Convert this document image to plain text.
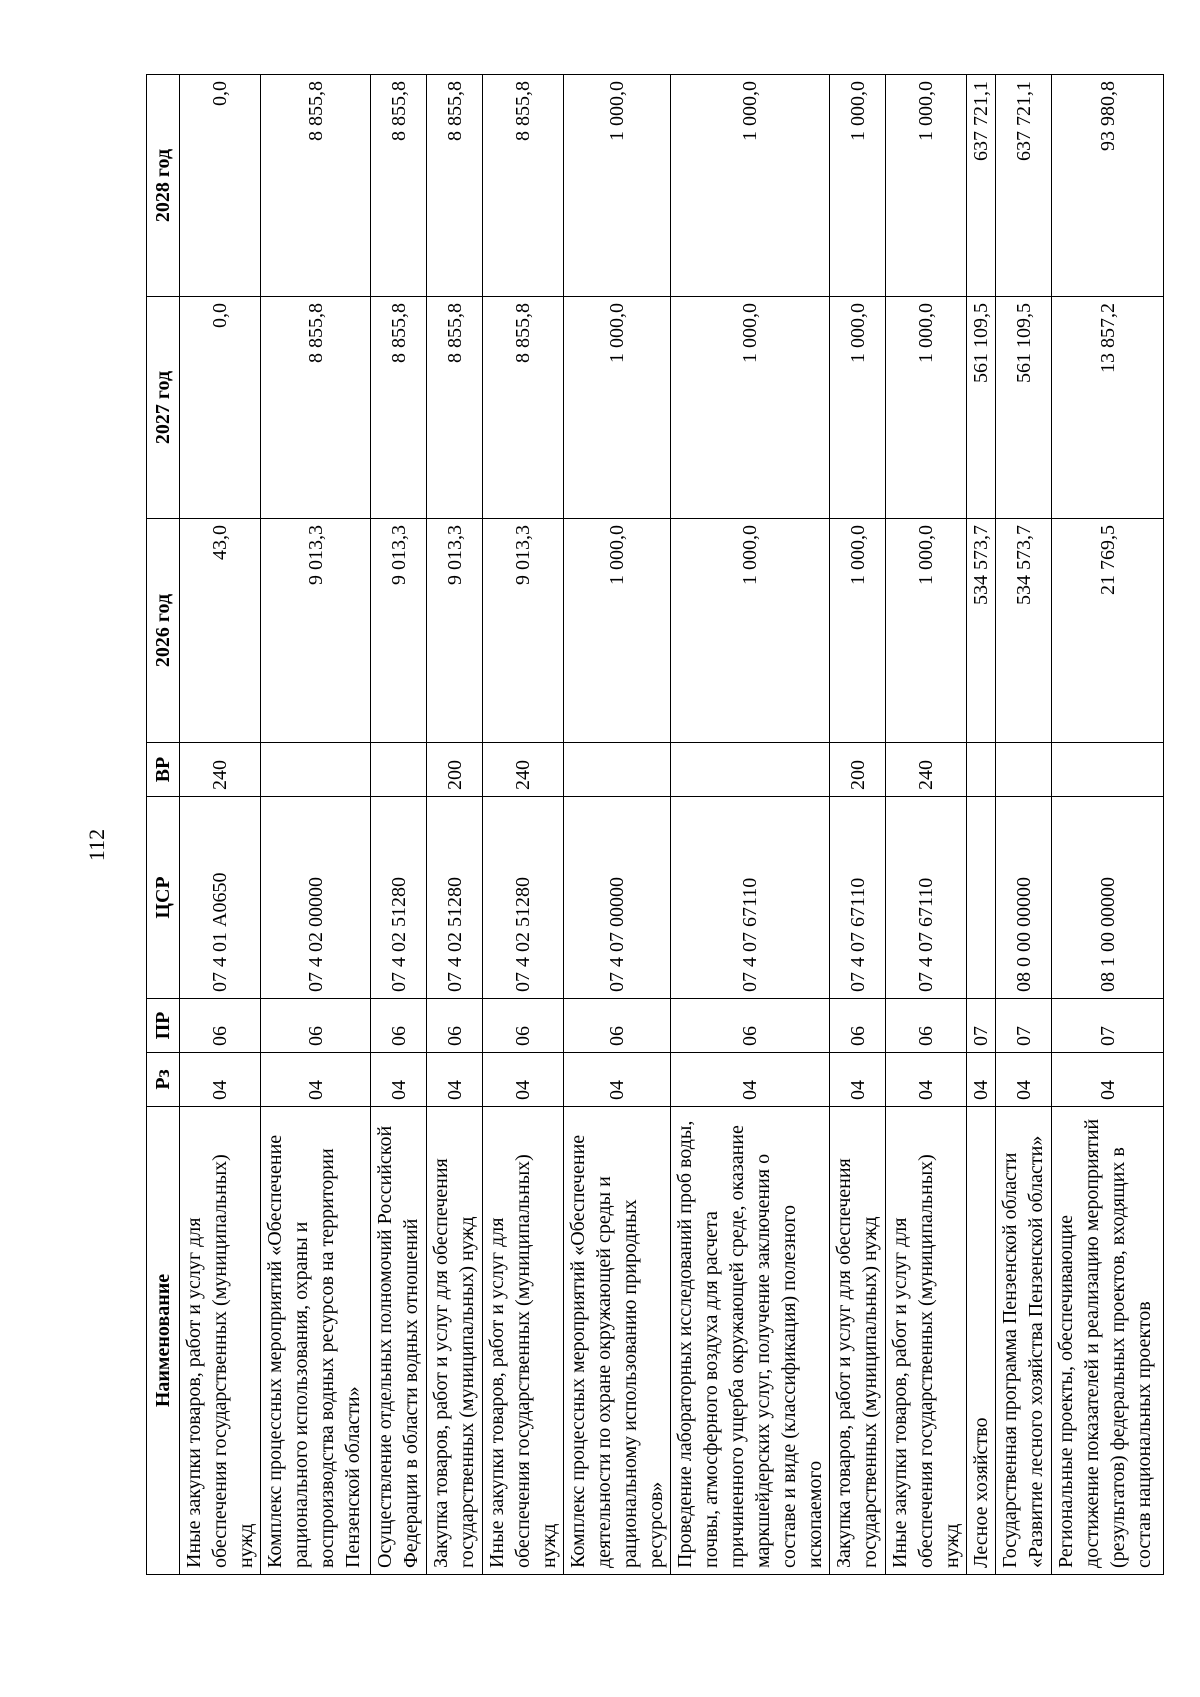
112
Наименование	Рз	ПР	ЦСР	ВР	2026 год	2027 год	2028 год
Иные закупки товаров, работ и услуг для обеспечения государственных (муниципальных) нужд	04	06	07 4 01 А0650	240	43,0	0,0	0,0
Комплекс процессных мероприятий «Обеспечение рационального использования, охраны и воспроизводства водных ресурсов на территории Пензенской области»	04	06	07 4 02 00000		9 013,3	8 855,8	8 855,8
Осуществление отдельных полномочий Российской Федерации в области водных отношений	04	06	07 4 02 51280		9 013,3	8 855,8	8 855,8
Закупка товаров, работ и услуг для обеспечения государственных (муниципальных) нужд	04	06	07 4 02 51280	200	9 013,3	8 855,8	8 855,8
Иные закупки товаров, работ и услуг для обеспечения государственных (муниципальных) нужд	04	06	07 4 02 51280	240	9 013,3	8 855,8	8 855,8
Комплекс процессных мероприятий «Обеспечение деятельности по охране окружающей среды и рациональному использованию природных ресурсов»	04	06	07 4 07 00000		1 000,0	1 000,0	1 000,0
Проведение лабораторных исследований проб воды, почвы, атмосферного воздуха для расчета причиненного ущерба окружающей среде, оказание маркшейдерских услуг, получение заключения о составе и виде (классификация) полезного ископаемого	04	06	07 4 07 67110		1 000,0	1 000,0	1 000,0
Закупка товаров, работ и услуг для обеспечения государственных (муниципальных) нужд	04	06	07 4 07 67110	200	1 000,0	1 000,0	1 000,0
Иные закупки товаров, работ и услуг для обеспечения государственных (муниципальных) нужд	04	06	07 4 07 67110	240	1 000,0	1 000,0	1 000,0
Лесное хозяйство	04	07			534 573,7	561 109,5	637 721,1
Государственная программа Пензенской области «Развитие лесного хозяйства Пензенской области»	04	07	08 0 00 00000		534 573,7	561 109,5	637 721,1
Региональные проекты, обеспечивающие достижение показателей и реализацию мероприятий (результатов) федеральных проектов, входящих в состав национальных проектов	04	07	08 1 00 00000		21 769,5	13 857,2	93 980,8
